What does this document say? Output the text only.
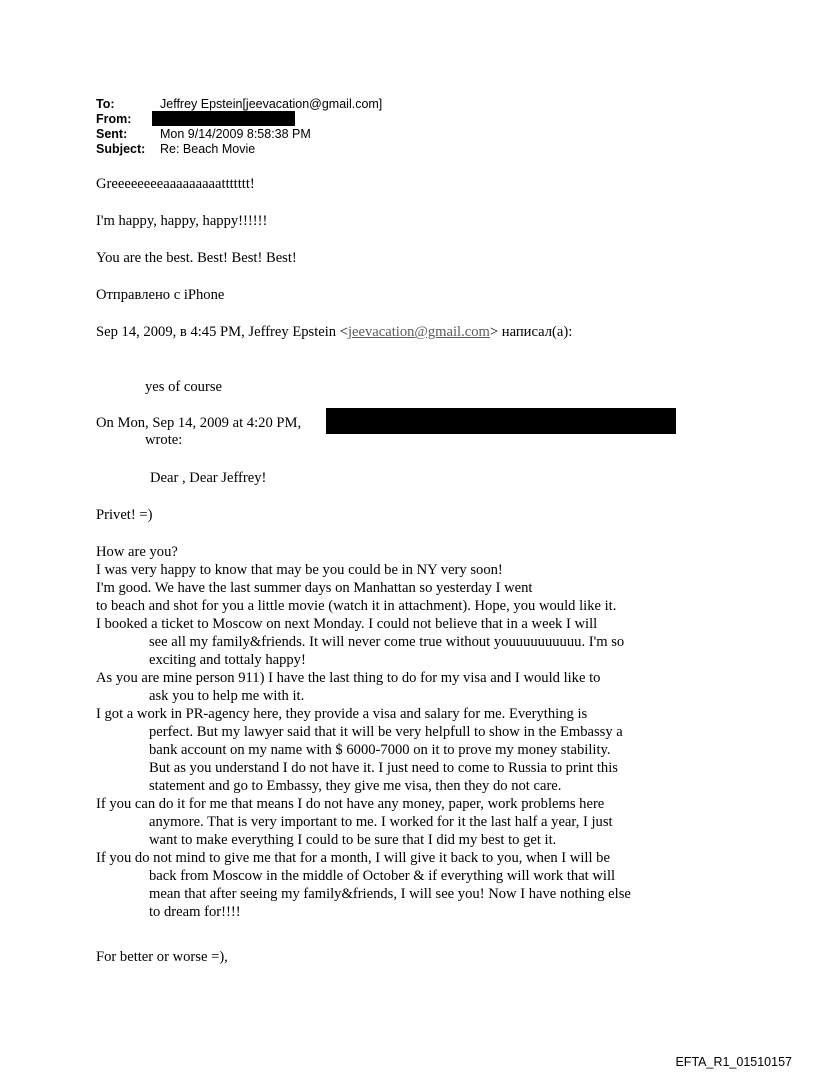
To:	Jeffrey Epstein[jeevacation@gmail.com]
From:
Sent:	Mon 9/14/2009 8:58:38 PM
Subject: Re: Beach Movie
Greeeeeeeeaaaaaaaaattttttt!
I'm happy, happy, happy!!!!!!
You are the best. Best! Best! Best!
Отправлено с iPhone
Sep 14, 2009, в 4:45 PM, Jeffrey Epstein <jeevacation@gmail.com> написал(а):
yes of course
On Mon, Sep 14, 2009 at 4:20 PM,
wrote:
Dear , Dear Jeffrey!
Privet! =)
How are you?
I was very happy to know that may be you could be in NY very soon!
I'm good. We have the last summer days on Manhattan so yesterday I went
to beach and shot for you a little movie (watch it in attachment). Hope, you would like it.
I booked a ticket to Moscow on next Monday. I could not believe that in a week I will
see all my family&friends. It will never come true without youuuuuuuuuu. I'm so
exciting and tottaly happy!
As you are mine person 911) I have the last thing to do for my visa and I would like to
ask you to help me with it.
I got a work in PR-agency here, they provide a visa and salary for me. Everything is
perfect. But my lawyer said that it will be very helpfull to show in the Embassy a
bank account on my name with $ 6000-7000 on it to prove my money stability.
But as you understand I do not have it. I just need to come to Russia to print this
statement and go to Embassy, they give me visa, then they do not care.
If you can do it for me that means I do not have any money, paper, work problems here
anymore. That is very important to me. I worked for it the last half a year, I just
want to make everything I could to be sure that I did my best to get it.
If you do not mind to give me that for a month, I will give it back to you, when I will be
back from Moscow in the middle of October & if everything will work that will
mean that after seeing my family&friends, I will see you! Now I have nothing else
to dream for!!!!
For better or worse =),
EFTA_R1_01510157
